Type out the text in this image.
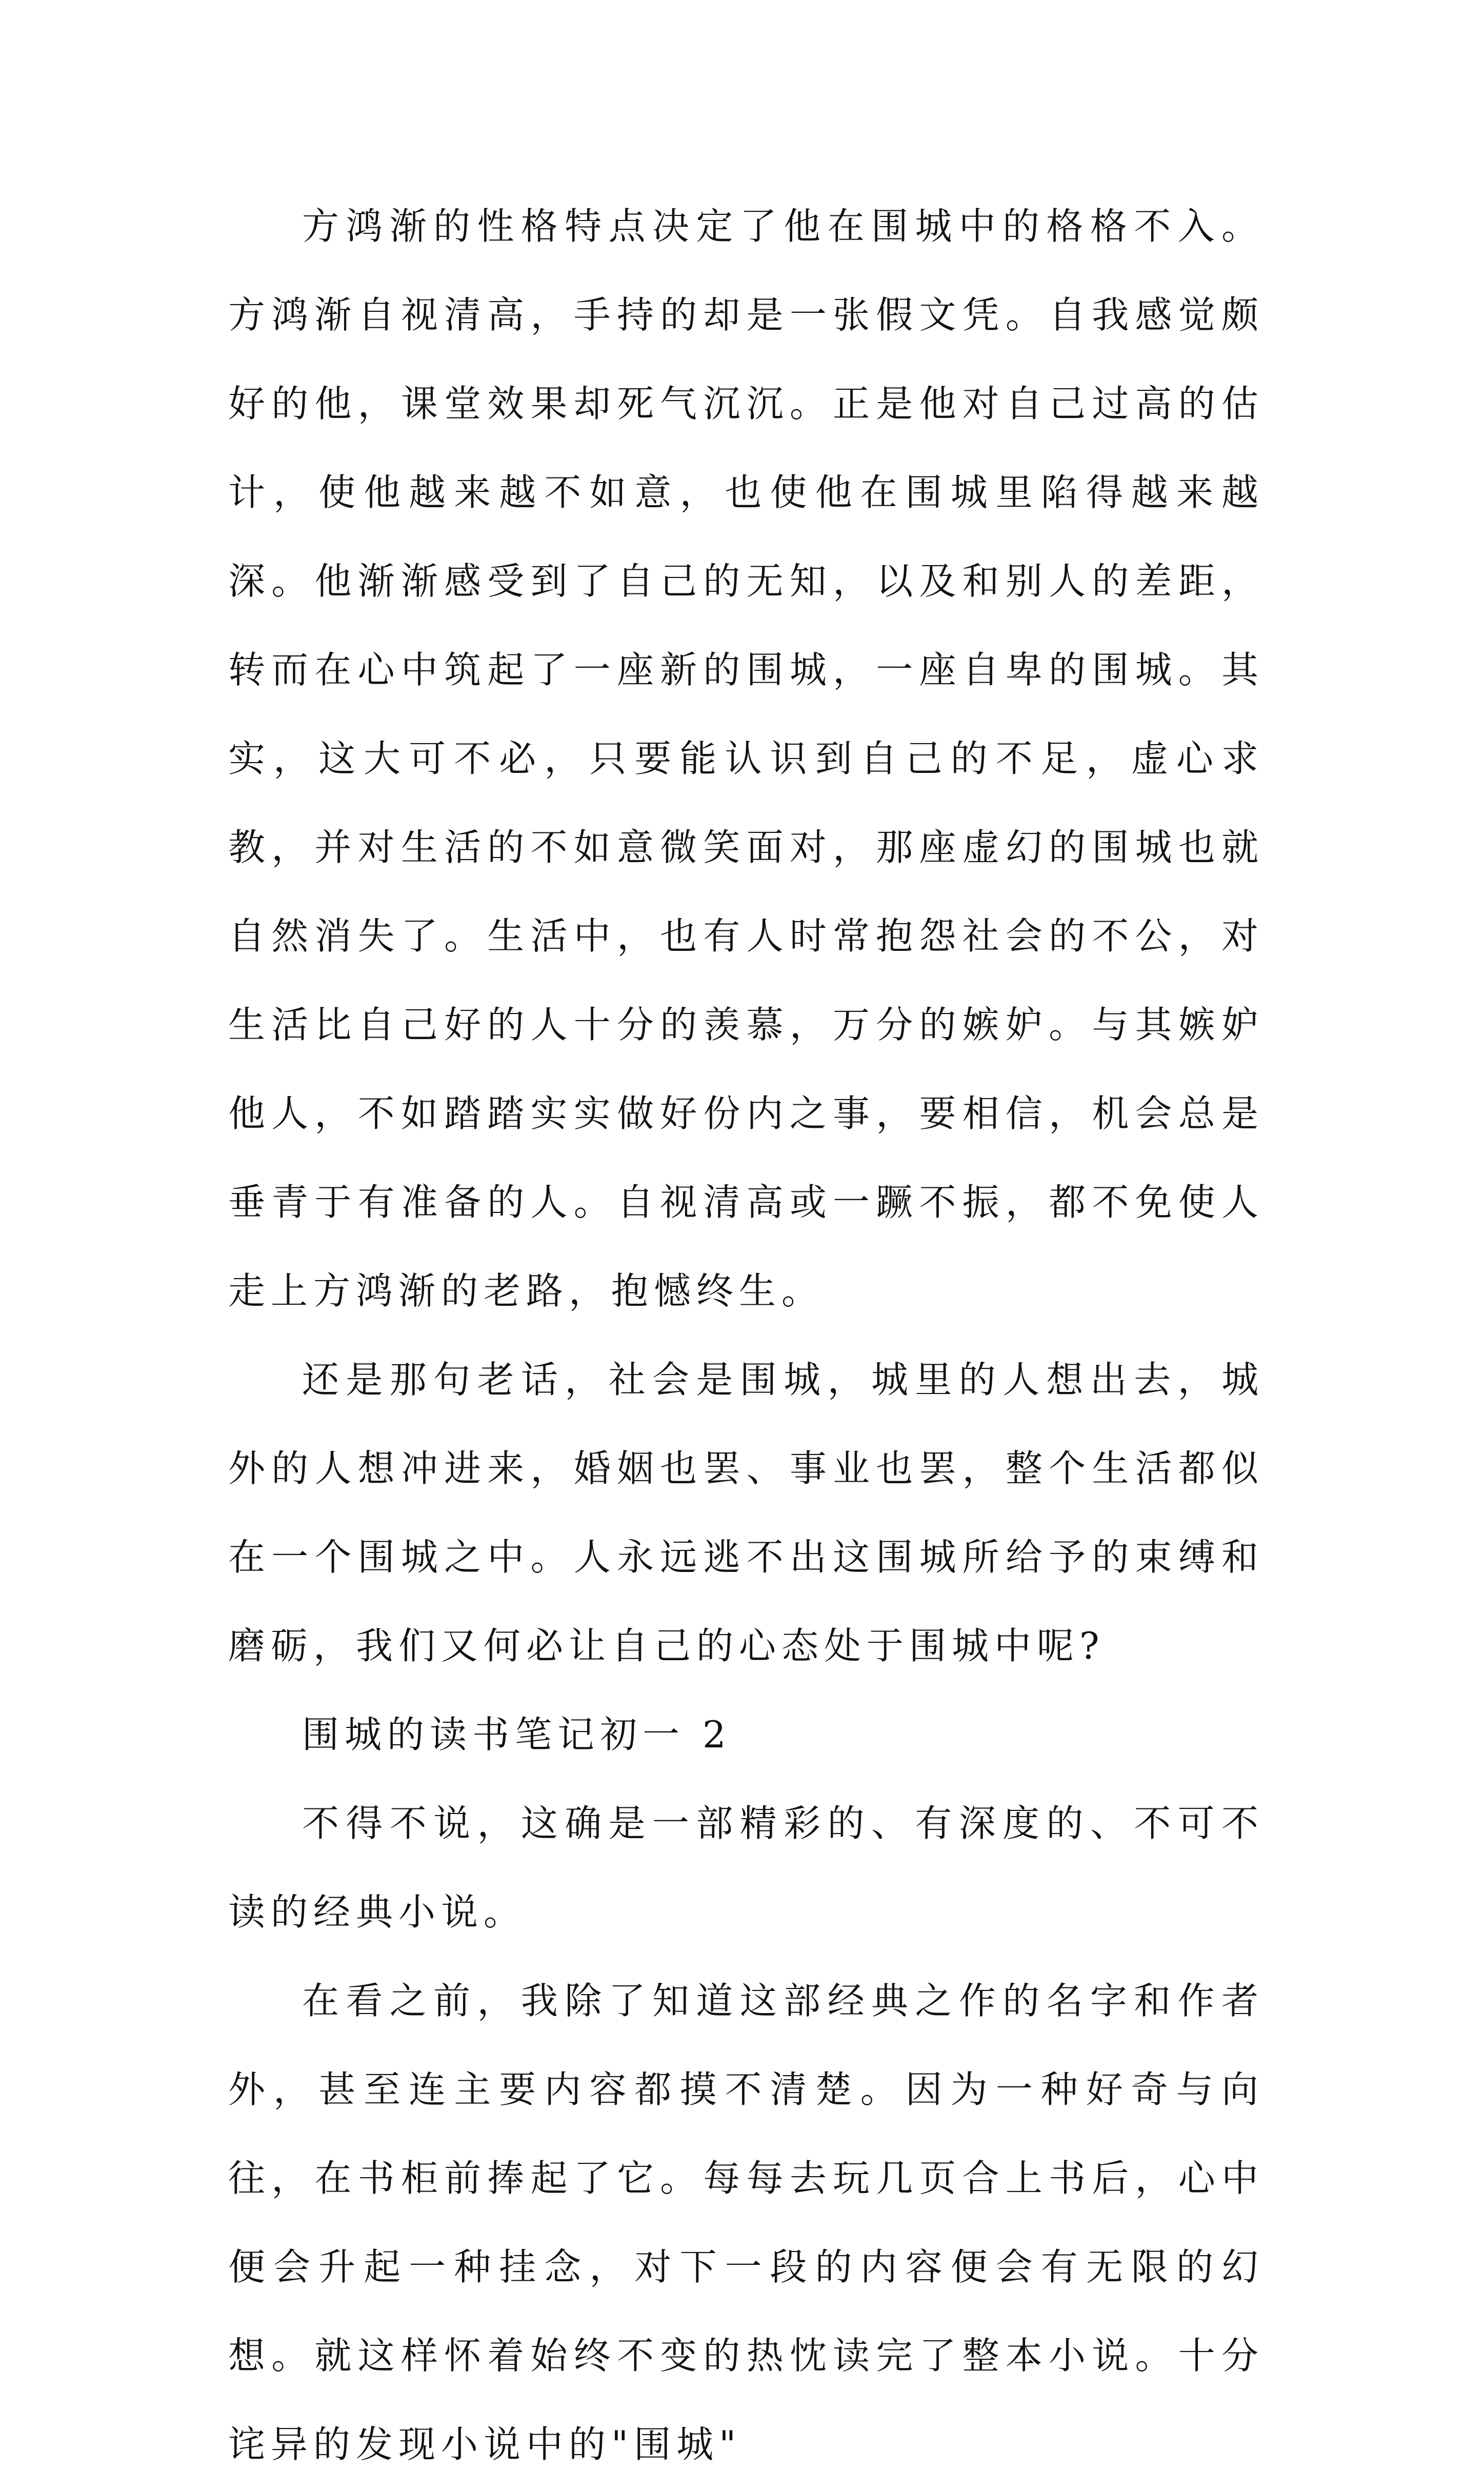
方鸿渐的性格特点决定了他在围城中的格格不入。方鸿渐自视清高，手持的却是一张假文凭。自我感觉颇好的他，课堂效果却死气沉沉。正是他对自己过高的估计，使他越来越不如意，也使他在围城里陷得越来越深。他渐渐感受到了自己的无知，以及和别人的差距，转而在心中筑起了一座新的围城，一座自卑的围城。其实，这大可不必，只要能认识到自己的不足，虚心求教，并对生活的不如意微笑面对，那座虚幻的围城也就自然消失了。生活中，也有人时常抱怨社会的不公，对生活比自己好的人十分的羡慕，万分的嫉妒。与其嫉妒他人，不如踏踏实实做好份内之事，要相信，机会总是垂青于有准备的人。自视清高或一蹶不振，都不免使人走上方鸿渐的老路，抱憾终生。

还是那句老话，社会是围城，城里的人想出去，城外的人想冲进来，婚姻也罢、事业也罢，整个生活都似在一个围城之中。人永远逃不出这围城所给予的束缚和磨砺，我们又何必让自己的心态处于围城中呢?

围城的读书笔记初一 2

不得不说，这确是一部精彩的、有深度的、不可不读的经典小说。

在看之前，我除了知道这部经典之作的名字和作者外，甚至连主要内容都摸不清楚。因为一种好奇与向往，在书柜前捧起了它。每每去玩几页合上书后，心中便会升起一种挂念，对下一段的内容便会有无限的幻想。就这样怀着始终不变的热忱读完了整本小说。十分诧异的发现小说中的"围城"
